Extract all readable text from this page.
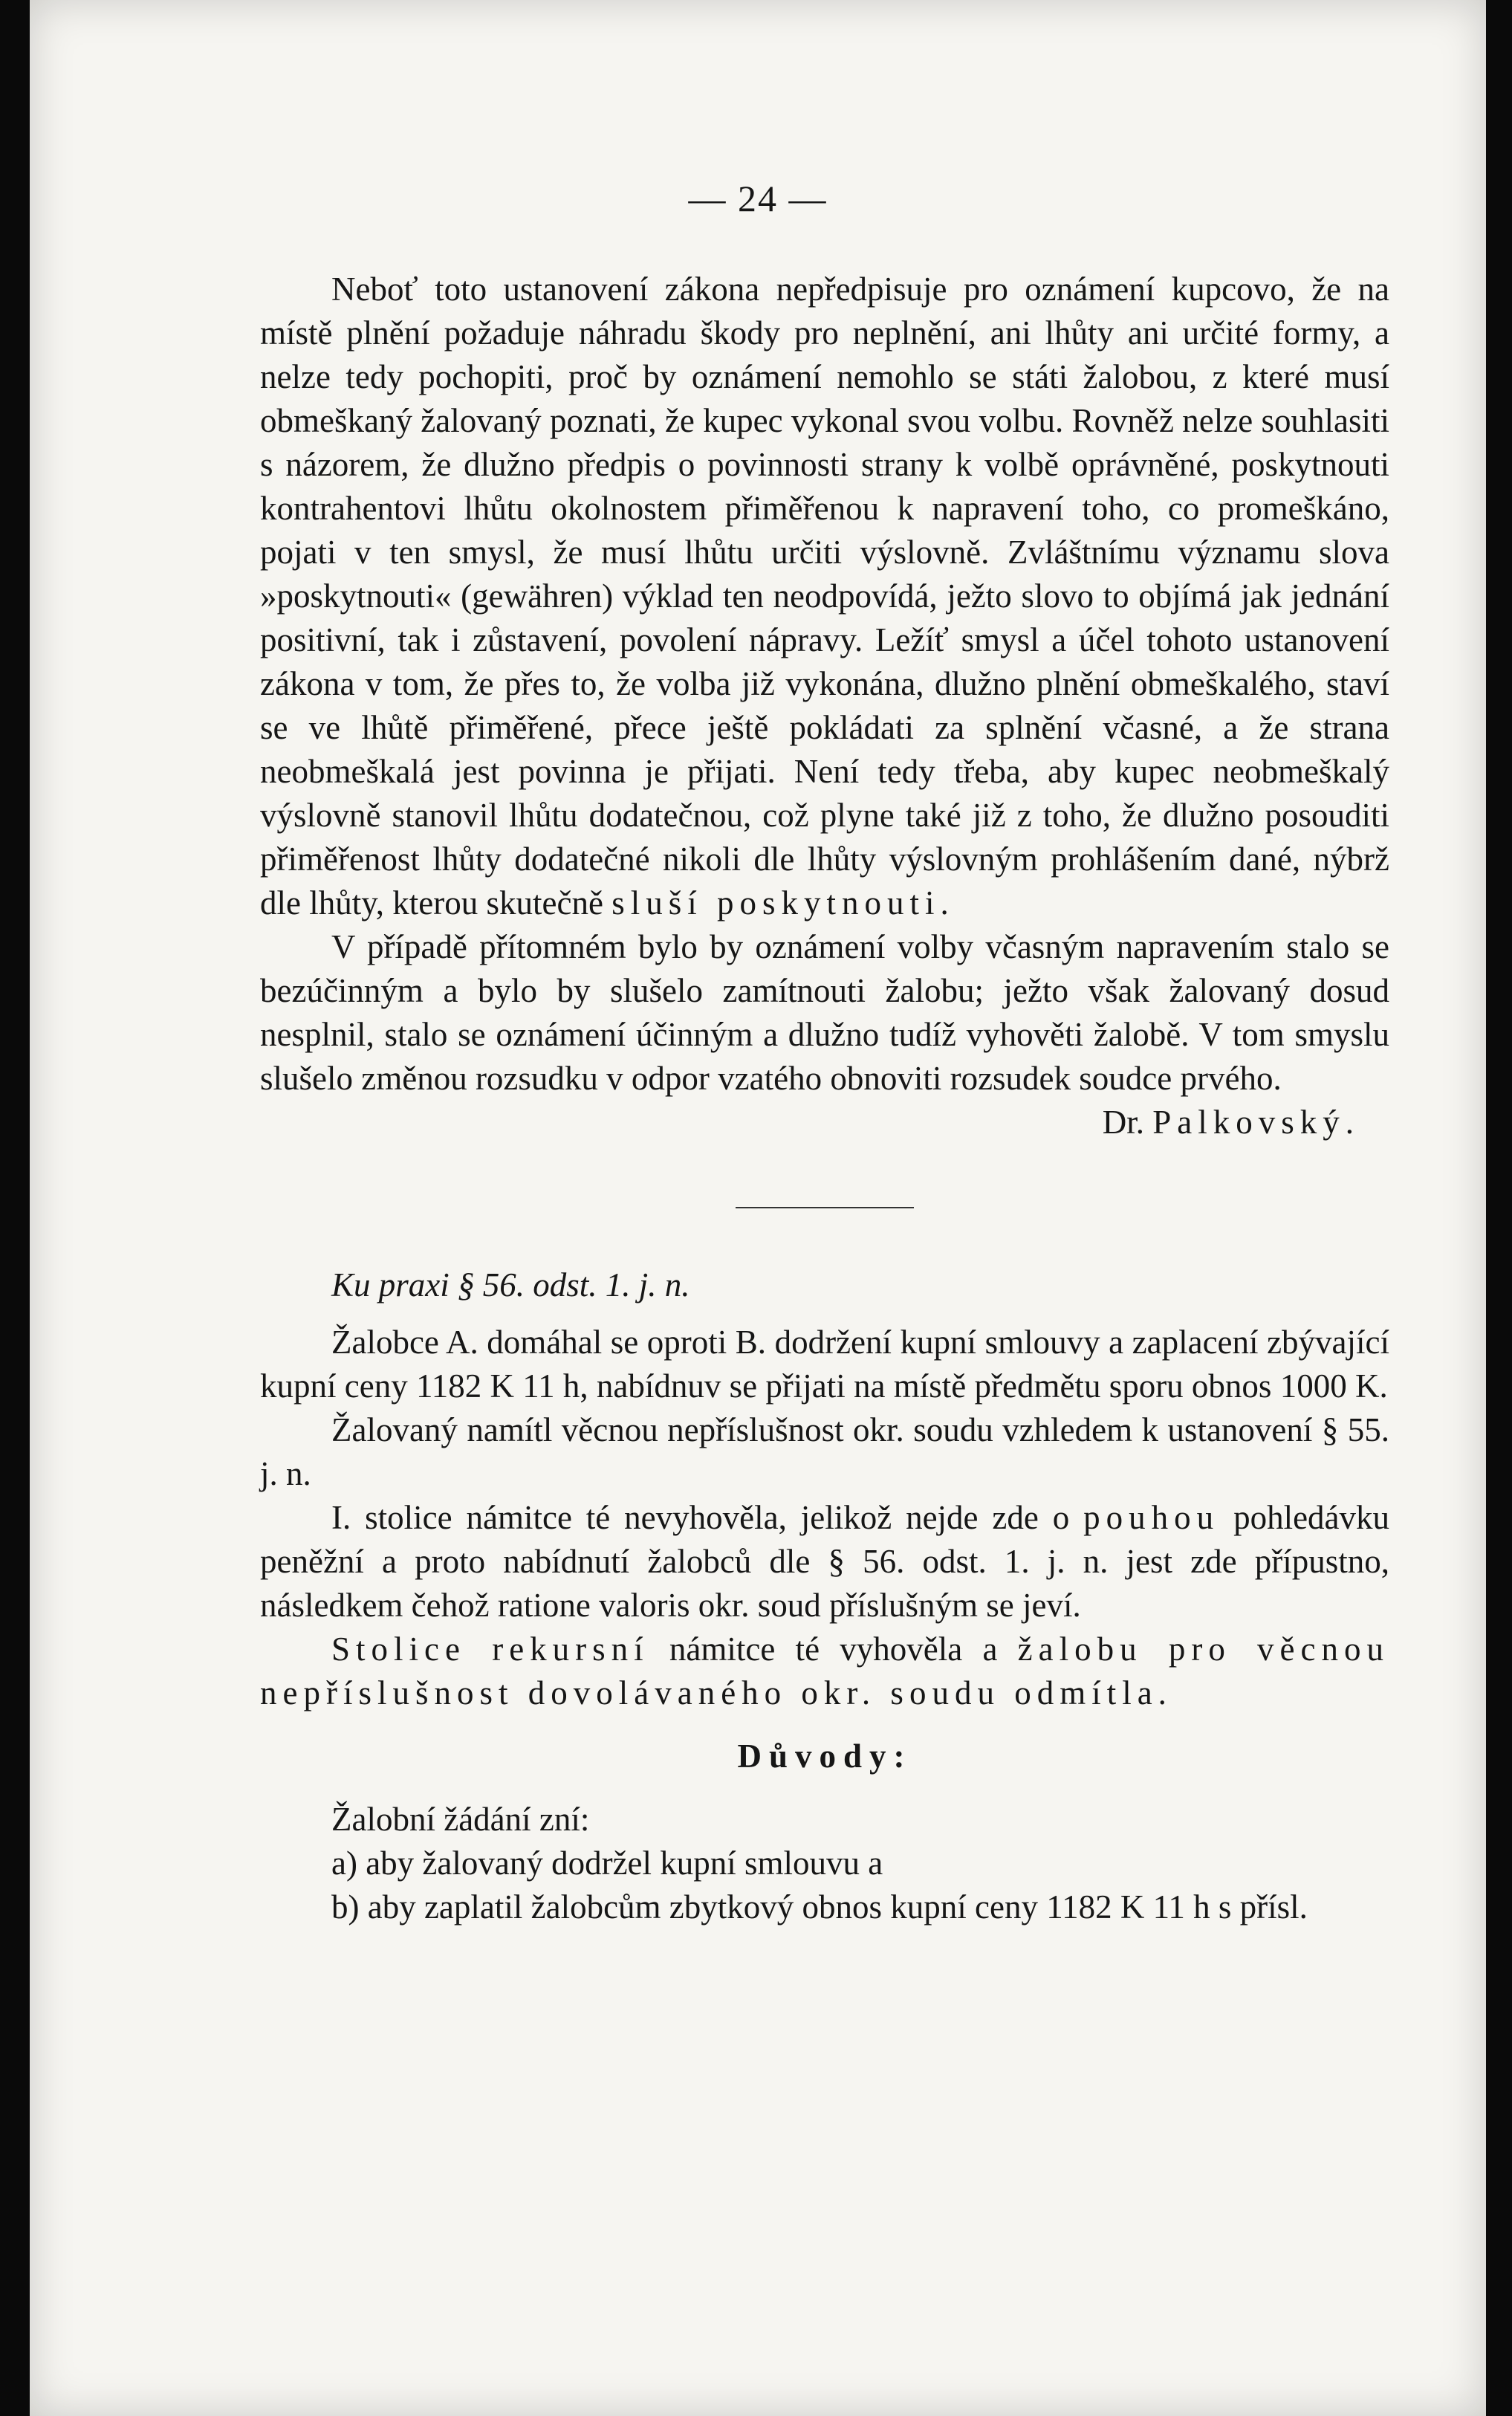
— 24 —

Neboť toto ustanovení zákona nepředpisuje pro oznámení kupcovo, že na místě plnění požaduje náhradu škody pro neplnění, ani lhůty ani určité formy, a nelze tedy pochopiti, proč by oznámení nemohlo se státi žalobou, z které musí obmeškaný žalovaný poznati, že kupec vykonal svou volbu. Rovněž nelze souhlasiti s názorem, že dlužno předpis o povinnosti strany k volbě oprávněné, poskytnouti kontrahentovi lhůtu okolnostem přiměřenou k napravení toho, co promeškáno, pojati v ten smysl, že musí lhůtu určiti výslovně. Zvláštnímu významu slova »poskytnouti« (gewähren) výklad ten neodpovídá, ježto slovo to objímá jak jednání positivní, tak i zůstavení, povolení nápravy. Ležíť smysl a účel tohoto ustanovení zákona v tom, že přes to, že volba již vykonána, dlužno plnění obmeškalého, staví se ve lhůtě přiměřené, přece ještě pokládati za splnění včasné, a že strana neobmeškalá jest povinna je přijati. Není tedy třeba, aby kupec neobmeškalý výslovně stanovil lhůtu dodatečnou, což plyne také již z toho, že dlužno posouditi přiměřenost lhůty dodatečné nikoli dle lhůty výslovným prohlášením dané, nýbrž dle lhůty, kterou skutečně sluší poskytnouti.

V případě přítomném bylo by oznámení volby včasným napravením stalo se bezúčinným a bylo by slušelo zamítnouti žalobu; ježto však žalovaný dosud nesplnil, stalo se oznámení účinným a dlužno tudíž vyhověti žalobě. V tom smyslu slušelo změnou rozsudku v odpor vzatého obnoviti rozsudek soudce prvého.

Dr. Palkovský.

Ku praxi § 56. odst. 1. j. n.

Žalobce A. domáhal se oproti B. dodržení kupní smlouvy a zaplacení zbývající kupní ceny 1182 K 11 h, nabídnuv se přijati na místě předmětu sporu obnos 1000 K.

Žalovaný namítl věcnou nepříslušnost okr. soudu vzhledem k ustanovení § 55. j. n.

I. stolice námitce té nevyhověla, jelikož nejde zde o pouhou pohledávku peněžní a proto nabídnutí žalobců dle § 56. odst. 1. j. n. jest zde přípustno, následkem čehož ratione valoris okr. soud příslušným se jeví.

Stolice rekursní námitce té vyhověla a žalobu pro věcnou nepříslušnost dovolávaného okr. soudu odmítla.

Důvody:

Žalobní žádání zní:

a) aby žalovaný dodržel kupní smlouvu a

b) aby zaplatil žalobcům zbytkový obnos kupní ceny 1182 K 11 h s přísl.
